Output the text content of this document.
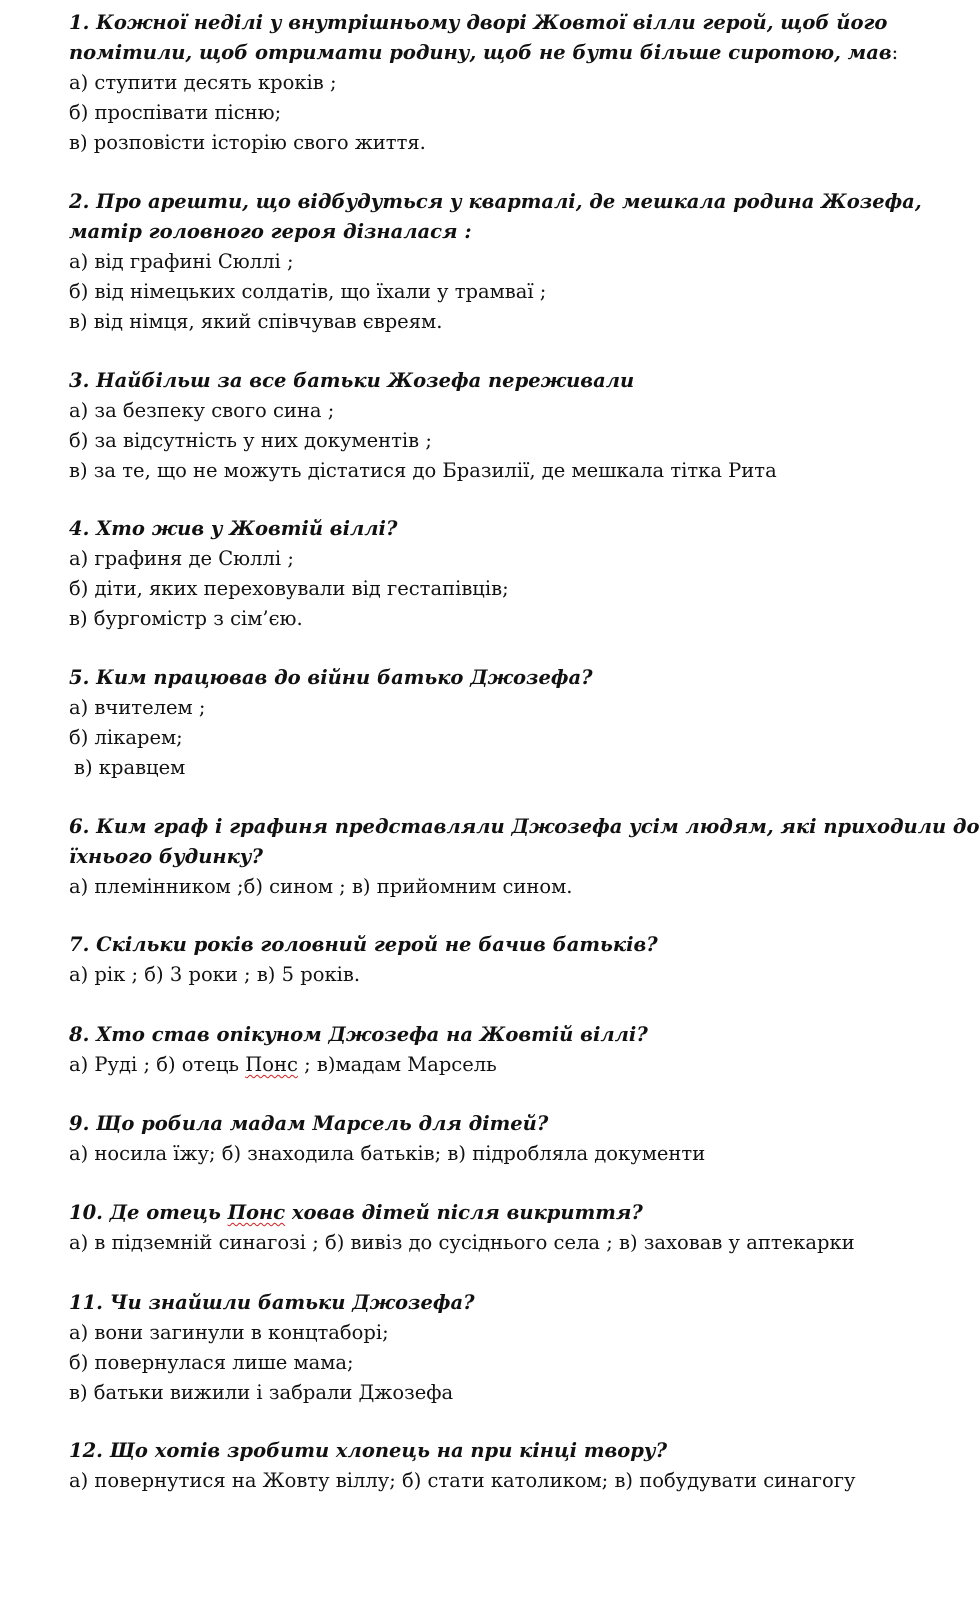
1. Кожної неділі у внутрішньому дворі Жовтої вілли герой, щоб його

помітили, щоб отримати родину, щоб не бути більше сиротою, мав:

а) ступити десять кроків ;

б) проспівати пісню;

в) розповісти історію свого життя.

2. Про арешти, що відбудуться у кварталі, де мешкала родина Жозефа,

матір головного героя дізналася :

а) від графині Сюллі ;

б) від німецьких солдатів, що їхали у трамваї ;

в) від німця, який співчував євреям.

3. Найбільш за все батьки Жозефа переживали

а) за безпеку свого сина ;

б) за відсутність у них документів ;

в) за те, що не можуть дістатися до Бразилії, де мешкала тітка Рита

4. Хто жив у Жовтій віллі?

а) графиня де Сюллі ;

б) діти, яких переховували від гестапівців;

в) бургомістр з сім’єю.

5. Ким працював до війни батько Джозефа?

а) вчителем ;

б) лікарем;

в) кравцем

6. Ким граф і графиня представляли Джозефа усім людям, які приходили до

їхнього будинку?

а) племінником ;б) сином ; в) прийомним сином.

7. Скільки років головний герой не бачив батьків?

а) рік ; б) 3 роки ; в) 5 років.

8. Хто став опікуном Джозефа на Жовтій віллі?

а) Руді ; б) отець Понс ; в)мадам Марсель

9. Що робила мадам Марсель для дітей?

а) носила їжу; б) знаходила батьків; в) підробляла документи

10. Де отець Понс ховав дітей після викриття?

а) в підземній синагозі ; б) вивіз до сусіднього села ; в) заховав у аптекарки

11. Чи знайшли батьки Джозефа?

а) вони загинули в концтаборі;

б) повернулася лише мама;

в) батьки вижили і забрали Джозефа

12. Що хотів зробити хлопець на при кінці твору?

а) повернутися на Жовту віллу; б) стати католиком; в) побудувати синагогу
